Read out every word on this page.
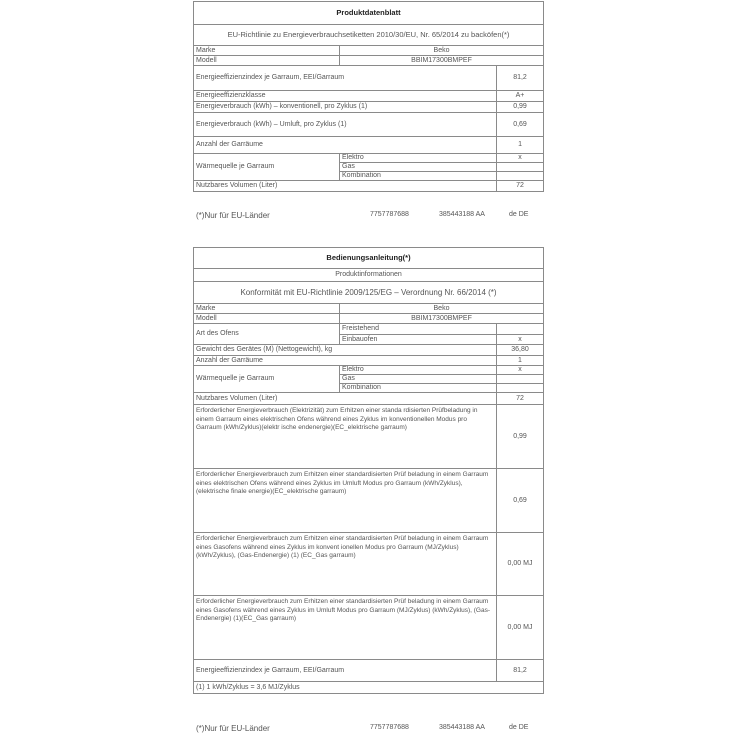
Produktdatenblatt		
EU-Richtlinie zu Energieverbrauchsetiketten 2010/30/EU, Nr. 65/2014 zu backöfen(*)		
Marke	Beko	
Modell	BBIM17300BMPEF	
Energieeffizienzindex je Garraum, EEI/Garraum		81,2
Energieeffizienzklasse		A+
Energieverbrauch (kWh) – konventionell, pro Zyklus (1)		0,99
Energieverbrauch (kWh) – Umluft, pro Zyklus (1)		0,69
Anzahl der Garräume		1
Wärmequelle je Garraum	Elektro	x
	Gas	
	Kombination	
Nutzbares Volumen (Liter)		72
(*)Nur für EU-Länder	7757787688	385443188 AA	de DE
Bedienungsanleitung(*)		
Produktinformationen		
Konformität mit EU-Richtlinie 2009/125/EG – Verordnung Nr. 66/2014 (*)		
Marke	Beko	
Modell	BBIM17300BMPEF	
Art des Ofens	Freistehend	
	Einbauofen	x
Gewicht des Gerätes (M) (Nettogewicht), kg		36,80
Anzahl der Garräume		1
Wärmequelle je Garraum	Elektro	x
	Gas	
	Kombination	
Nutzbares Volumen (Liter)		72
Erforderlicher Energieverbrauch (Elektrizität) zum Erhitzen einer standa rdisierten Prüfbeladung in einem Garraum eines elektrischen Ofens während eines Zyklus im konventionellen Modus pro Garraum (kWh/Zyklus)(elektr ische endenergie)(EC_elektrische garraum)		0,99
Erforderlicher Energieverbrauch zum Erhitzen einer standardisierten Prüf beladung in einem Garraum eines elektrischen Ofens während eines Zyklus im Umluft Modus pro Garraum (kWh/Zyklus), (elektrische finale energie)(EC_elektrische garraum)		0,69
Erforderlicher Energieverbrauch zum Erhitzen einer standardisierten Prüf beladung in einem Garraum eines Gasofens während eines Zyklus im konvent ionellen Modus pro Garraum (MJ/Zyklus) (kWh/Zyklus), (Gas-Endenergie) (1) (EC_Gas garraum)		0,00 MJ
Erforderlicher Energieverbrauch zum Erhitzen einer standardisierten Prüf beladung in einem Garraum eines Gasofens während eines Zyklus im Umluft Modus pro Garraum (MJ/Zyklus) (kWh/Zyklus), (Gas-Endenergie) (1)(EC_Gas garraum)		0,00 MJ
Energieeffizienzindex je Garraum, EEI/Garraum		81,2
(1) 1 kWh/Zyklus = 3,6 MJ/Zyklus		
(*)Nur für EU-Länder	7757787688	385443188 AA	de DE
